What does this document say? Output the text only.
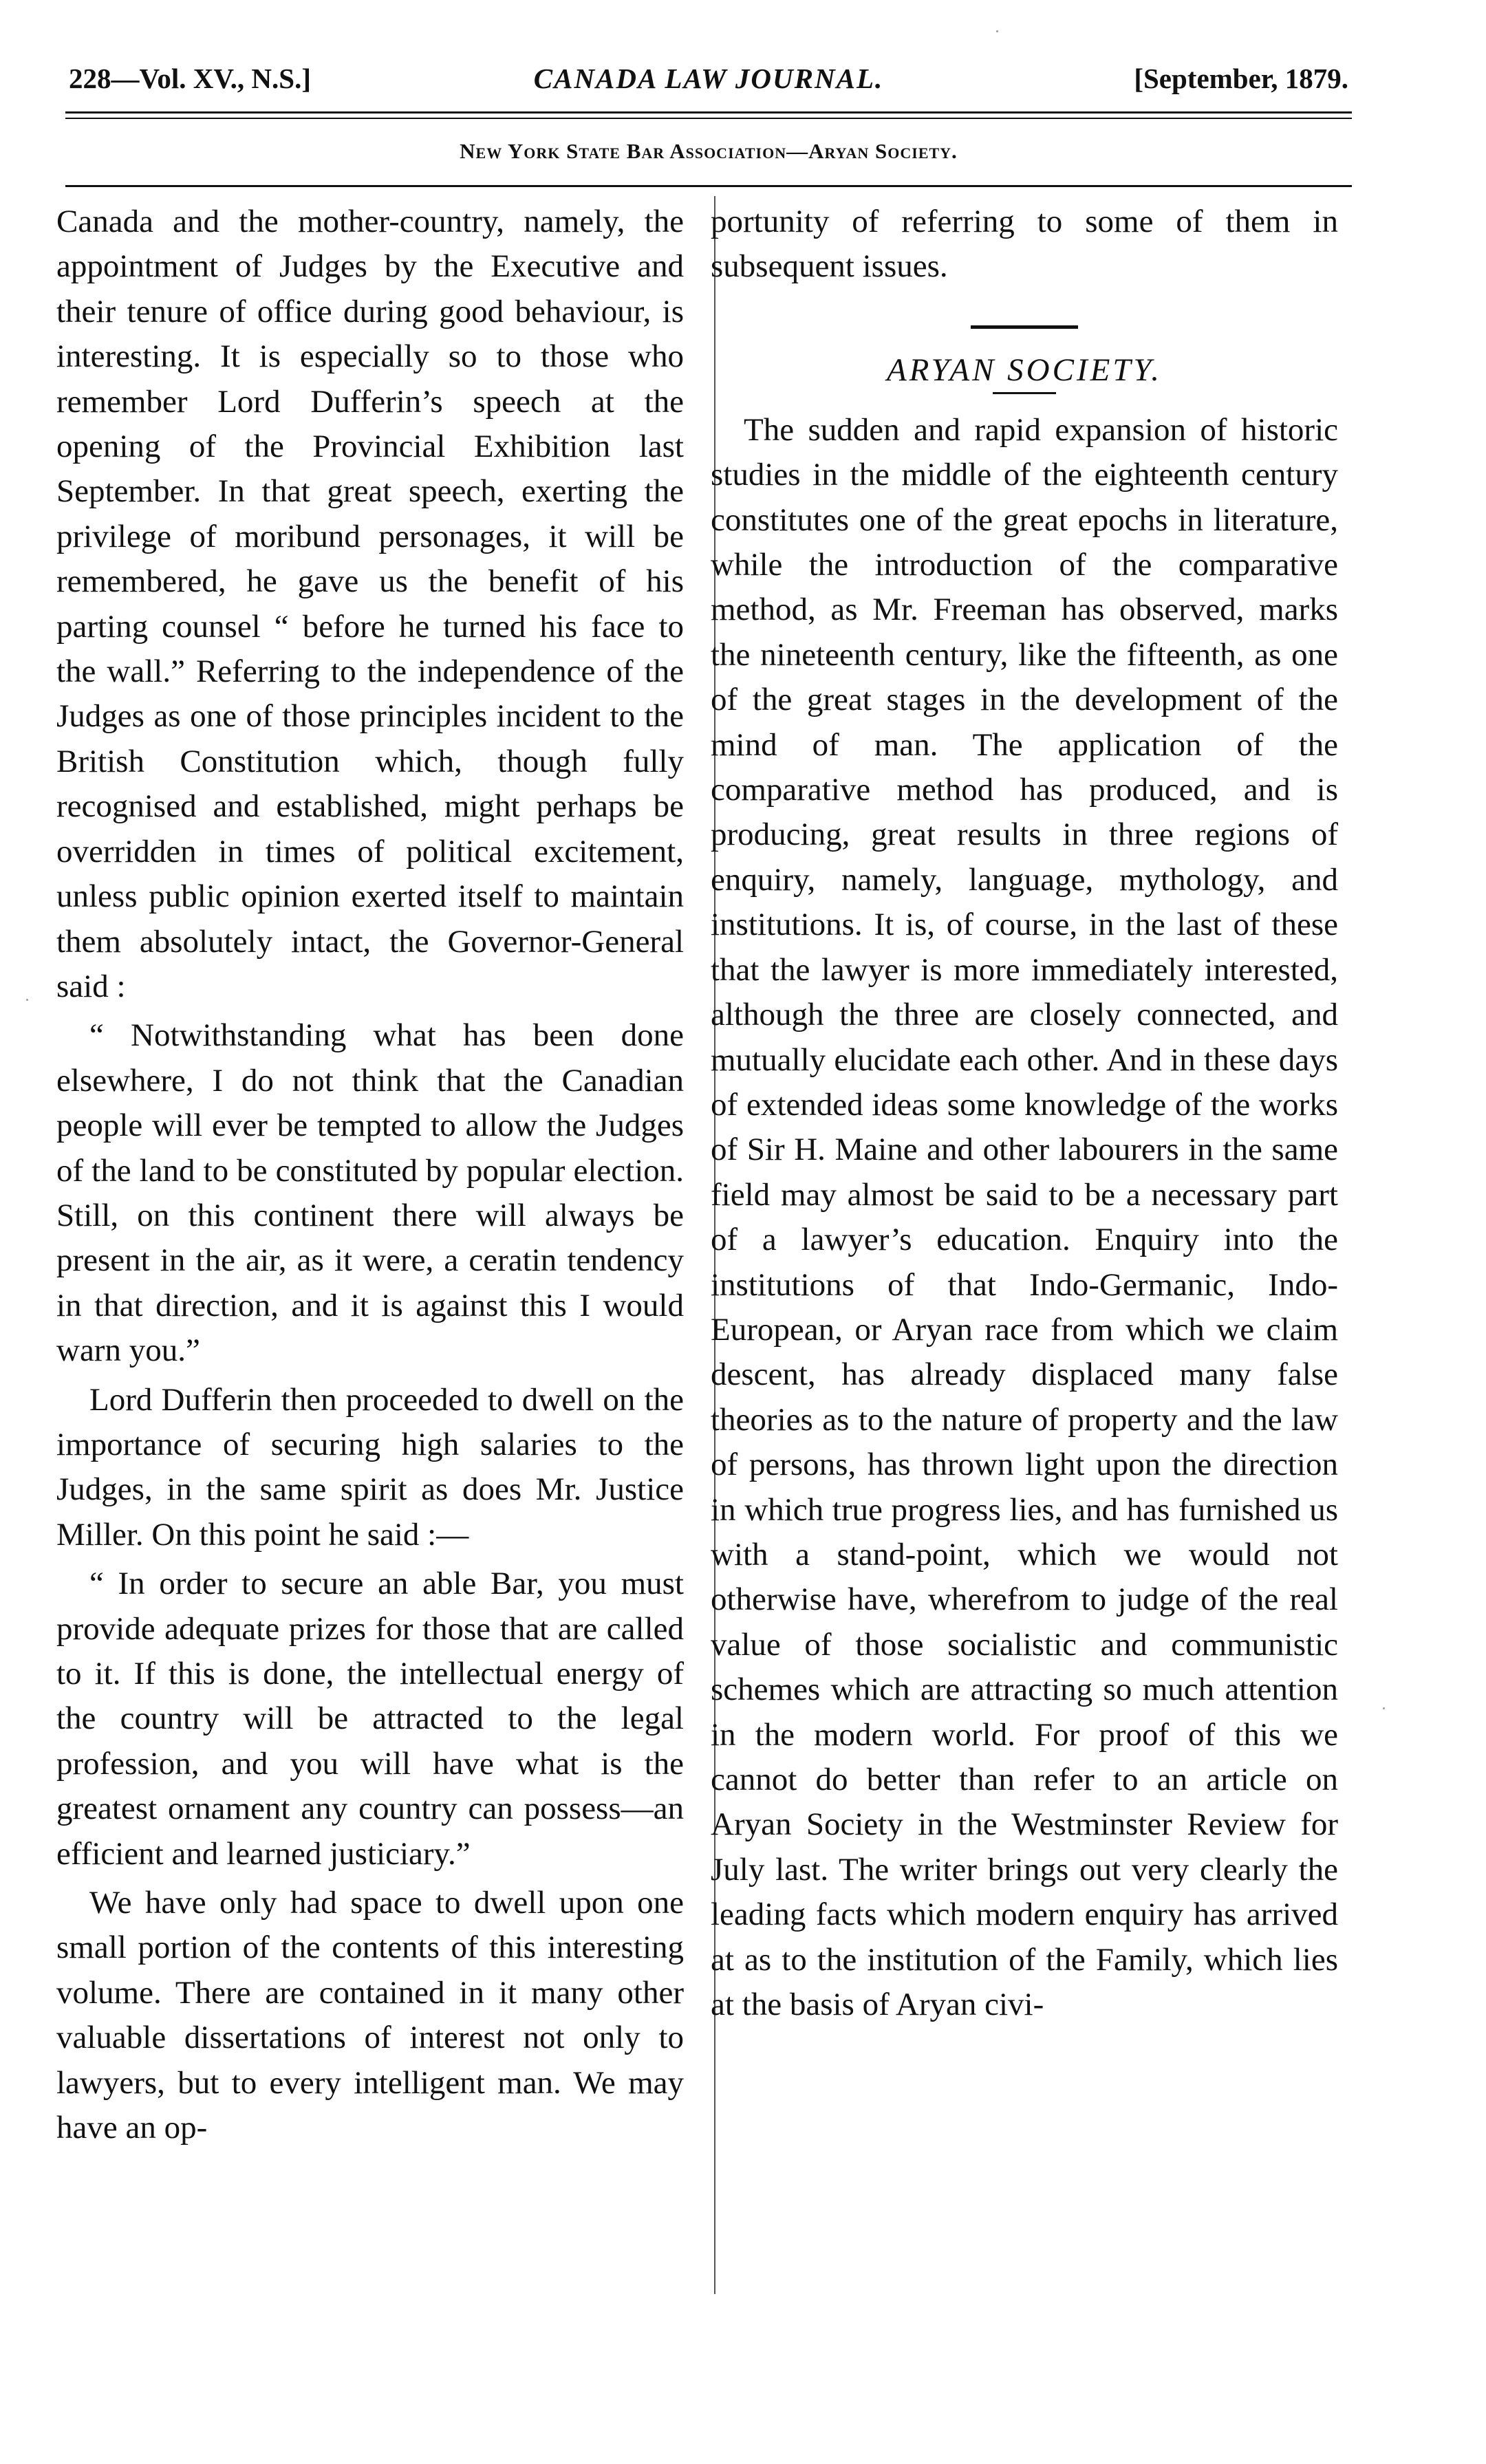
228—Vol. XV., N.S.]	CANADA LAW JOURNAL.	[September, 1879.
New York State Bar Association—Aryan Society.

Canada and the mother-country, namely, the appointment of Judges by the Executive and their tenure of office during good behaviour, is interesting. It is especially so to those who remember Lord Dufferin’s speech at the opening of the Provincial Exhibition last September. In that great speech, exerting the privilege of moribund personages, it will be remembered, he gave us the benefit of his parting counsel “ before he turned his face to the wall.” Referring to the independence of the Judges as one of those principles incident to the British Constitution which, though fully recognised and established, might perhaps be overridden in times of political excitement, unless public opinion exerted itself to maintain them absolutely intact, the Governor-General said :

“ Notwithstanding what has been done elsewhere, I do not think that the Canadian people will ever be tempted to allow the Judges of the land to be constituted by popular election. Still, on this continent there will always be present in the air, as it were, a ceratin tendency in that direction, and it is against this I would warn you.”

Lord Dufferin then proceeded to dwell on the importance of securing high salaries to the Judges, in the same spirit as does Mr. Justice Miller. On this point he said :—

“ In order to secure an able Bar, you must provide adequate prizes for those that are called to it. If this is done, the intellectual energy of the country will be attracted to the legal profession, and you will have what is the greatest ornament any country can possess—an efficient and learned justiciary.”

We have only had space to dwell upon one small portion of the contents of this interesting volume. There are contained in it many other valuable dissertations of interest not only to lawyers, but to every intelligent man. We may have an op-

portunity of referring to some of them in subsequent issues.

ARYAN SOCIETY.

The sudden and rapid expansion of historic studies in the middle of the eighteenth century constitutes one of the great epochs in literature, while the introduction of the comparative method, as Mr. Freeman has observed, marks the nineteenth century, like the fifteenth, as one of the great stages in the development of the mind of man. The application of the comparative method has produced, and is producing, great results in three regions of enquiry, namely, language, mythology, and institutions. It is, of course, in the last of these that the lawyer is more immediately interested, although the three are closely connected, and mutually elucidate each other. And in these days of extended ideas some knowledge of the works of Sir H. Maine and other labourers in the same field may almost be said to be a necessary part of a lawyer’s education. Enquiry into the institutions of that Indo-Germanic, Indo-European, or Aryan race from which we claim descent, has already displaced many false theories as to the nature of property and the law of persons, has thrown light upon the direction in which true progress lies, and has furnished us with a stand-point, which we would not otherwise have, wherefrom to judge of the real value of those socialistic and communistic schemes which are attracting so much attention in the modern world. For proof of this we cannot do better than refer to an article on Aryan Society in the Westminster Review for July last. The writer brings out very clearly the leading facts which modern enquiry has arrived at as to the institution of the Family, which lies at the basis of Aryan civi-
